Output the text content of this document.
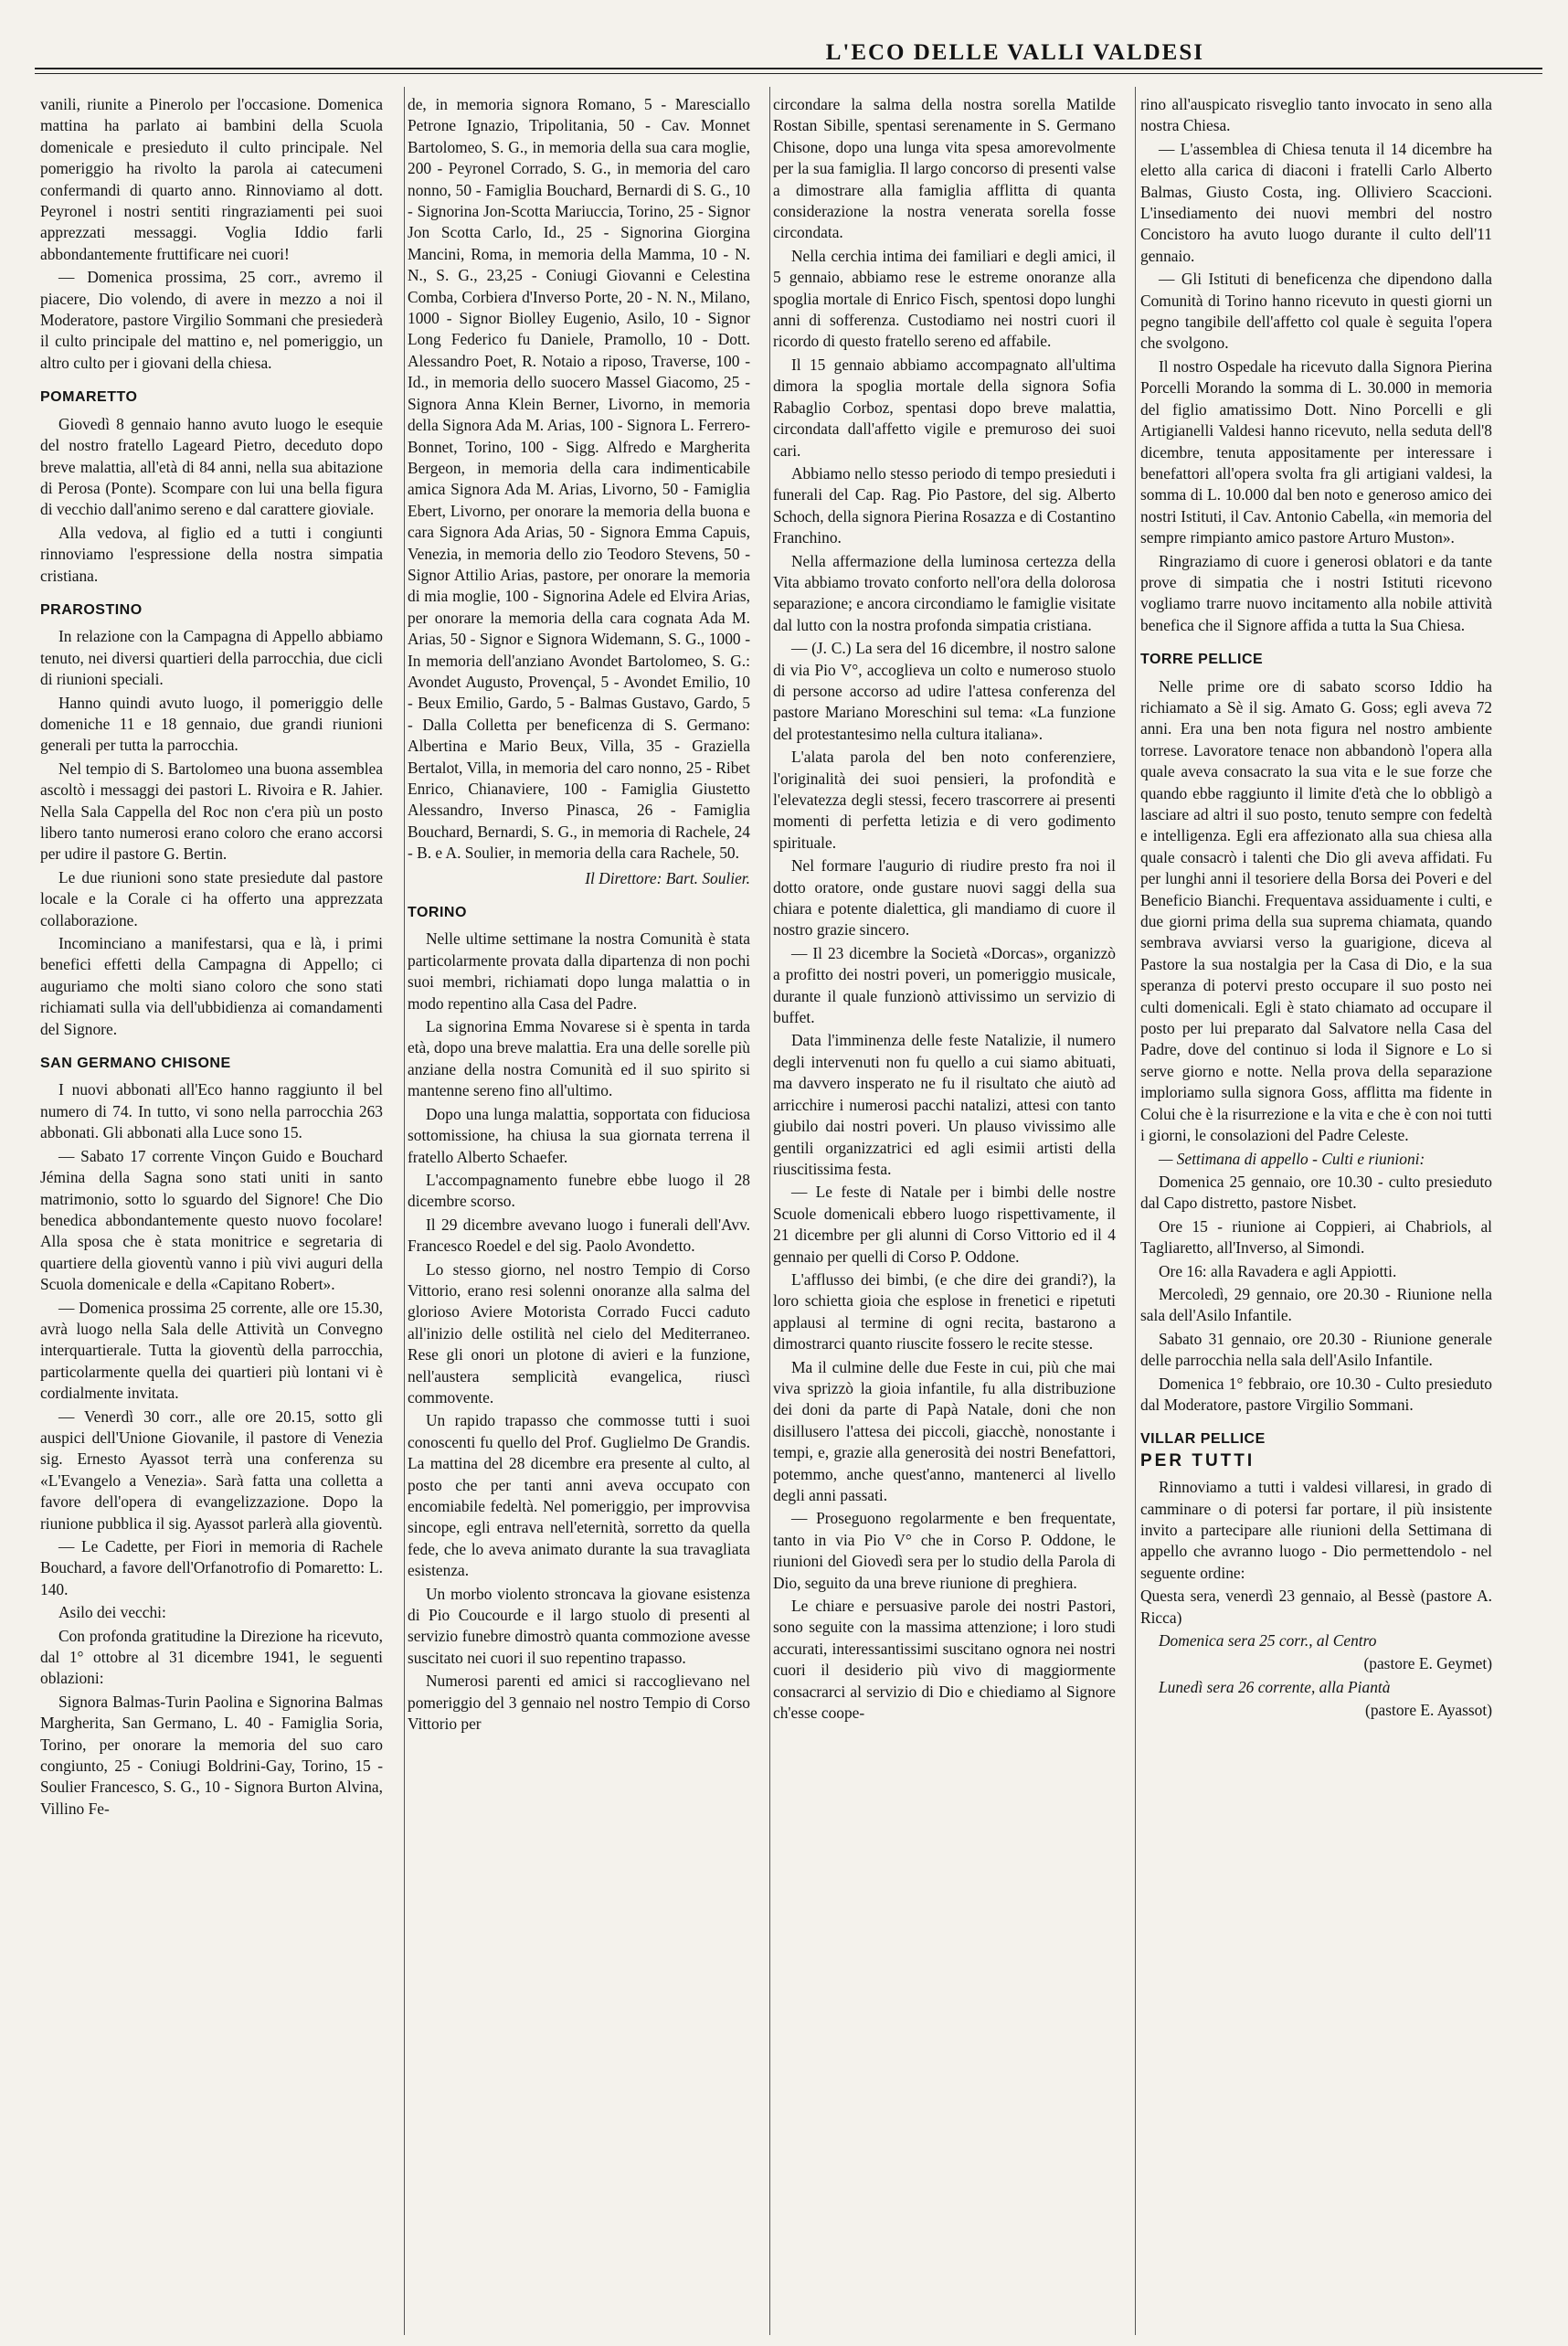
L'ECO DELLE VALLI VALDESI

vanili, riunite a Pinerolo per l'occasione. Domenica mattina ha parlato ai bambini della Scuola domenicale e presieduto il culto principale. Nel pomeriggio ha rivolto la parola ai catecumeni confermandi di quarto anno. Rinnoviamo al dott. Peyronel i nostri sentiti ringraziamenti pei suoi apprezzati messaggi. Voglia Iddio farli abbondantemente fruttificare nei cuori!

— Domenica prossima, 25 corr., avremo il piacere, Dio volendo, di avere in mezzo a noi il Moderatore, pastore Virgilio Sommani che presiederà il culto principale del mattino e, nel pomeriggio, un altro culto per i giovani della chiesa.

POMARETTO

Giovedì 8 gennaio hanno avuto luogo le esequie del nostro fratello Lageard Pietro, deceduto dopo breve malattia, all'età di 84 anni, nella sua abitazione di Perosa (Ponte). Scompare con lui una bella figura di vecchio dall'animo sereno e dal carattere gioviale.

Alla vedova, al figlio ed a tutti i congiunti rinnoviamo l'espressione della nostra simpatia cristiana.

PRAROSTINO

In relazione con la Campagna di Appello abbiamo tenuto, nei diversi quartieri della parrocchia, due cicli di riunioni speciali.

Hanno quindi avuto luogo, il pomeriggio delle domeniche 11 e 18 gennaio, due grandi riunioni generali per tutta la parrocchia.

Nel tempio di S. Bartolomeo una buona assemblea ascoltò i messaggi dei pastori L. Rivoira e R. Jahier. Nella Sala Cappella del Roc non c'era più un posto libero tanto numerosi erano coloro che erano accorsi per udire il pastore G. Bertin.

Le due riunioni sono state presiedute dal pastore locale e la Corale ci ha offerto una apprezzata collaborazione.

Incominciano a manifestarsi, qua e là, i primi benefici effetti della Campagna di Appello; ci auguriamo che molti siano coloro che sono stati richiamati sulla via dell'ubbidienza ai comandamenti del Signore.

SAN GERMANO CHISONE

I nuovi abbonati all'Eco hanno raggiunto il bel numero di 74. In tutto, vi sono nella parrocchia 263 abbonati. Gli abbonati alla Luce sono 15.

— Sabato 17 corrente Vinçon Guido e Bouchard Jémina della Sagna sono stati uniti in santo matrimonio, sotto lo sguardo del Signore! Che Dio benedica abbondantemente questo nuovo focolare! Alla sposa che è stata monitrice e segretaria di quartiere della gioventù vanno i più vivi auguri della Scuola domenicale e della «Capitano Robert».

— Domenica prossima 25 corrente, alle ore 15.30, avrà luogo nella Sala delle Attività un Convegno interquartierale. Tutta la gioventù della parrocchia, particolarmente quella dei quartieri più lontani vi è cordialmente invitata.

— Venerdì 30 corr., alle ore 20.15, sotto gli auspici dell'Unione Giovanile, il pastore di Venezia sig. Ernesto Ayassot terrà una conferenza su «L'Evangelo a Venezia». Sarà fatta una colletta a favore dell'opera di evangelizzazione. Dopo la riunione pubblica il sig. Ayassot parlerà alla gioventù.

— Le Cadette, per Fiori in memoria di Rachele Bouchard, a favore dell'Orfanotrofio di Pomaretto: L. 140.

Asilo dei vecchi:

Con profonda gratitudine la Direzione ha ricevuto, dal 1° ottobre al 31 dicembre 1941, le seguenti oblazioni:

Signora Balmas-Turin Paolina e Signorina Balmas Margherita, San Germano, L. 40 - Famiglia Soria, Torino, per onorare la memoria del suo caro congiunto, 25 - Coniugi Boldrini-Gay, Torino, 15 - Soulier Francesco, S. G., 10 - Signora Burton Alvina, Villino Fe-

de, in memoria signora Romano, 5 - Maresciallo Petrone Ignazio, Tripolitania, 50 - Cav. Monnet Bartolomeo, S. G., in memoria della sua cara moglie, 200 - Peyronel Corrado, S. G., in memoria del caro nonno, 50 - Famiglia Bouchard, Bernardi di S. G., 10 - Signorina Jon-Scotta Mariuccia, Torino, 25 - Signor Jon Scotta Carlo, Id., 25 - Signorina Giorgina Mancini, Roma, in memoria della Mamma, 10 - N. N., S. G., 23,25 - Coniugi Giovanni e Celestina Comba, Corbiera d'Inverso Porte, 20 - N. N., Milano, 1000 - Signor Biolley Eugenio, Asilo, 10 - Signor Long Federico fu Daniele, Pramollo, 10 - Dott. Alessandro Poet, R. Notaio a riposo, Traverse, 100 - Id., in memoria dello suocero Massel Giacomo, 25 - Signora Anna Klein Berner, Livorno, in memoria della Signora Ada M. Arias, 100 - Signora L. Ferrero-Bonnet, Torino, 100 - Sigg. Alfredo e Margherita Bergeon, in memoria della cara indimenticabile amica Signora Ada M. Arias, Livorno, 50 - Famiglia Ebert, Livorno, per onorare la memoria della buona e cara Signora Ada Arias, 50 - Signora Emma Capuis, Venezia, in memoria dello zio Teodoro Stevens, 50 - Signor Attilio Arias, pastore, per onorare la memoria di mia moglie, 100 - Signorina Adele ed Elvira Arias, per onorare la memoria della cara cognata Ada M. Arias, 50 - Signor e Signora Widemann, S. G., 1000 - In memoria dell'anziano Avondet Bartolomeo, S. G.: Avondet Augusto, Provençal, 5 - Avondet Emilio, 10 - Beux Emilio, Gardo, 5 - Balmas Gustavo, Gardo, 5 - Dalla Colletta per beneficenza di S. Germano: Albertina e Mario Beux, Villa, 35 - Graziella Bertalot, Villa, in memoria del caro nonno, 25 - Ribet Enrico, Chianaviere, 100 - Famiglia Giustetto Alessandro, Inverso Pinasca, 26 - Famiglia Bouchard, Bernardi, S. G., in memoria di Rachele, 24 - B. e A. Soulier, in memoria della cara Rachele, 50.

Il Direttore: Bart. Soulier.

TORINO

Nelle ultime settimane la nostra Comunità è stata particolarmente provata dalla dipartenza di non pochi suoi membri, richiamati dopo lunga malattia o in modo repentino alla Casa del Padre.

La signorina Emma Novarese si è spenta in tarda età, dopo una breve malattia. Era una delle sorelle più anziane della nostra Comunità ed il suo spirito si mantenne sereno fino all'ultimo.

Dopo una lunga malattia, sopportata con fiduciosa sottomissione, ha chiusa la sua giornata terrena il fratello Alberto Schaefer.

L'accompagnamento funebre ebbe luogo il 28 dicembre scorso.

Il 29 dicembre avevano luogo i funerali dell'Avv. Francesco Roedel e del sig. Paolo Avondetto.

Lo stesso giorno, nel nostro Tempio di Corso Vittorio, erano resi solenni onoranze alla salma del glorioso Aviere Motorista Corrado Fucci caduto all'inizio delle ostilità nel cielo del Mediterraneo. Rese gli onori un plotone di avieri e la funzione, nell'austera semplicità evangelica, riuscì commovente.

Un rapido trapasso che commosse tutti i suoi conoscenti fu quello del Prof. Guglielmo De Grandis. La mattina del 28 dicembre era presente al culto, al posto che per tanti anni aveva occupato con encomiabile fedeltà. Nel pomeriggio, per improvvisa sincope, egli entrava nell'eternità, sorretto da quella fede, che lo aveva animato durante la sua travagliata esistenza.

Un morbo violento stroncava la giovane esistenza di Pio Coucourde e il largo stuolo di presenti al servizio funebre dimostrò quanta commozione avesse suscitato nei cuori il suo repentino trapasso.

Numerosi parenti ed amici si raccoglievano nel pomeriggio del 3 gennaio nel nostro Tempio di Corso Vittorio per

circondare la salma della nostra sorella Matilde Rostan Sibille, spentasi serenamente in S. Germano Chisone, dopo una lunga vita spesa amorevolmente per la sua famiglia. Il largo concorso di presenti valse a dimostrare alla famiglia afflitta di quanta considerazione la nostra venerata sorella fosse circondata.

Nella cerchia intima dei familiari e degli amici, il 5 gennaio, abbiamo rese le estreme onoranze alla spoglia mortale di Enrico Fisch, spentosi dopo lunghi anni di sofferenza. Custodiamo nei nostri cuori il ricordo di questo fratello sereno ed affabile.

Il 15 gennaio abbiamo accompagnato all'ultima dimora la spoglia mortale della signora Sofia Rabaglio Corboz, spentasi dopo breve malattia, circondata dall'affetto vigile e premuroso dei suoi cari.

Abbiamo nello stesso periodo di tempo presieduti i funerali del Cap. Rag. Pio Pastore, del sig. Alberto Schoch, della signora Pierina Rosazza e di Costantino Franchino.

Nella affermazione della luminosa certezza della Vita abbiamo trovato conforto nell'ora della dolorosa separazione; e ancora circondiamo le famiglie visitate dal lutto con la nostra profonda simpatia cristiana.

— (J. C.) La sera del 16 dicembre, il nostro salone di via Pio V°, accoglieva un colto e numeroso stuolo di persone accorso ad udire l'attesa conferenza del pastore Mariano Moreschini sul tema: «La funzione del protestantesimo nella cultura italiana».

L'alata parola del ben noto conferenziere, l'originalità dei suoi pensieri, la profondità e l'elevatezza degli stessi, fecero trascorrere ai presenti momenti di perfetta letizia e di vero godimento spirituale.

Nel formare l'augurio di riudire presto fra noi il dotto oratore, onde gustare nuovi saggi della sua chiara e potente dialettica, gli mandiamo di cuore il nostro grazie sincero.

— Il 23 dicembre la Società «Dorcas», organizzò a profitto dei nostri poveri, un pomeriggio musicale, durante il quale funzionò attivissimo un servizio di buffet.

Data l'imminenza delle feste Natalizie, il numero degli intervenuti non fu quello a cui siamo abituati, ma davvero insperato ne fu il risultato che aiutò ad arricchire i numerosi pacchi natalizi, attesi con tanto giubilo dai nostri poveri. Un plauso vivissimo alle gentili organizzatrici ed agli esimii artisti della riuscitissima festa.

— Le feste di Natale per i bimbi delle nostre Scuole domenicali ebbero luogo rispettivamente, il 21 dicembre per gli alunni di Corso Vittorio ed il 4 gennaio per quelli di Corso P. Oddone.

L'afflusso dei bimbi, (e che dire dei grandi?), la loro schietta gioia che esplose in frenetici e ripetuti applausi al termine di ogni recita, bastarono a dimostrarci quanto riuscite fossero le recite stesse.

Ma il culmine delle due Feste in cui, più che mai viva sprizzò la gioia infantile, fu alla distribuzione dei doni da parte di Papà Natale, doni che non disillusero l'attesa dei piccoli, giacchè, nonostante i tempi, e, grazie alla generosità dei nostri Benefattori, potemmo, anche quest'anno, mantenerci al livello degli anni passati.

— Proseguono regolarmente e ben frequentate, tanto in via Pio V° che in Corso P. Oddone, le riunioni del Giovedì sera per lo studio della Parola di Dio, seguito da una breve riunione di preghiera.

Le chiare e persuasive parole dei nostri Pastori, sono seguite con la massima attenzione; i loro studi accurati, interessantissimi suscitano ognora nei nostri cuori il desiderio più vivo di maggiormente consacrarci al servizio di Dio e chiediamo al Signore ch'esse coope-

rino all'auspicato risveglio tanto invocato in seno alla nostra Chiesa.

— L'assemblea di Chiesa tenuta il 14 dicembre ha eletto alla carica di diaconi i fratelli Carlo Alberto Balmas, Giusto Costa, ing. Olliviero Scaccioni. L'insediamento dei nuovi membri del nostro Concistoro ha avuto luogo durante il culto dell'11 gennaio.

— Gli Istituti di beneficenza che dipendono dalla Comunità di Torino hanno ricevuto in questi giorni un pegno tangibile dell'affetto col quale è seguita l'opera che svolgono.

Il nostro Ospedale ha ricevuto dalla Signora Pierina Porcelli Morando la somma di L. 30.000 in memoria del figlio amatissimo Dott. Nino Porcelli e gli Artigianelli Valdesi hanno ricevuto, nella seduta dell'8 dicembre, tenuta appositamente per interessare i benefattori all'opera svolta fra gli artigiani valdesi, la somma di L. 10.000 dal ben noto e generoso amico dei nostri Istituti, il Cav. Antonio Cabella, «in memoria del sempre rimpianto amico pastore Arturo Muston».

Ringraziamo di cuore i generosi oblatori e da tante prove di simpatia che i nostri Istituti ricevono vogliamo trarre nuovo incitamento alla nobile attività benefica che il Signore affida a tutta la Sua Chiesa.

TORRE PELLICE

Nelle prime ore di sabato scorso Iddio ha richiamato a Sè il sig. Amato G. Goss; egli aveva 72 anni. Era una ben nota figura nel nostro ambiente torrese. Lavoratore tenace non abbandonò l'opera alla quale aveva consacrato la sua vita e le sue forze che quando ebbe raggiunto il limite d'età che lo obbligò a lasciare ad altri il suo posto, tenuto sempre con fedeltà e intelligenza. Egli era affezionato alla sua chiesa alla quale consacrò i talenti che Dio gli aveva affidati. Fu per lunghi anni il tesoriere della Borsa dei Poveri e del Beneficio Bianchi. Frequentava assiduamente i culti, e due giorni prima della sua suprema chiamata, quando sembrava avviarsi verso la guarigione, diceva al Pastore la sua nostalgia per la Casa di Dio, e la sua speranza di potervi presto occupare il suo posto nei culti domenicali. Egli è stato chiamato ad occupare il posto per lui preparato dal Salvatore nella Casa del Padre, dove del continuo si loda il Signore e Lo si serve giorno e notte. Nella prova della separazione imploriamo sulla signora Goss, afflitta ma fidente in Colui che è la risurrezione e la vita e che è con noi tutti i giorni, le consolazioni del Padre Celeste.

— Settimana di appello - Culti e riunioni:

Domenica 25 gennaio, ore 10.30 - culto presieduto dal Capo distretto, pastore Nisbet.

Ore 15 - riunione ai Coppieri, ai Chabriols, al Tagliaretto, all'Inverso, al Simondi.

Ore 16: alla Ravadera e agli Appiotti.

Mercoledì, 29 gennaio, ore 20.30 - Riunione nella sala dell'Asilo Infantile.

Sabato 31 gennaio, ore 20.30 - Riunione generale delle parrocchia nella sala dell'Asilo Infantile.

Domenica 1° febbraio, ore 10.30 - Culto presieduto dal Moderatore, pastore Virgilio Sommani.

VILLAR PELLICE
PER TUTTI

Rinnoviamo a tutti i valdesi villaresi, in grado di camminare o di potersi far portare, il più insistente invito a partecipare alle riunioni della Settimana di appello che avranno luogo - Dio permettendolo - nel seguente ordine:

Questa sera, venerdì 23 gennaio, al Bessè (pastore A. Ricca)

Domenica sera 25 corr., al Centro

(pastore E. Geymet)

Lunedì sera 26 corrente, alla Piantà

(pastore E. Ayassot)
